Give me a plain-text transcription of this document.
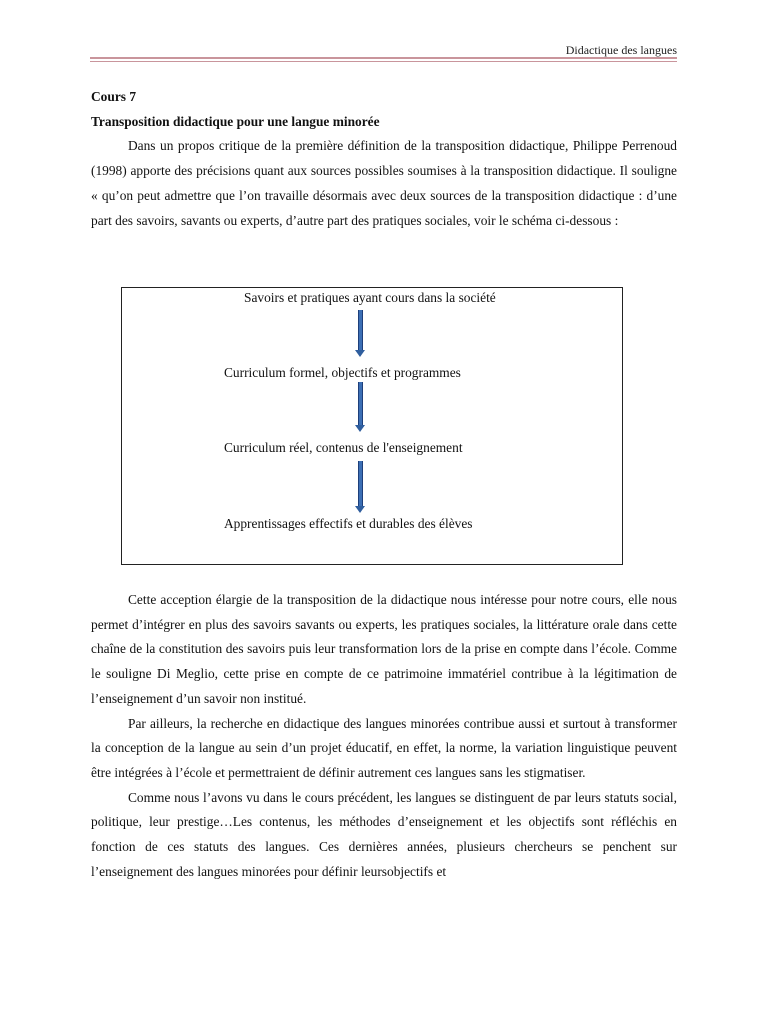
Didactique des langues

Cours 7

Transposition didactique pour une langue minorée

Dans un propos critique de la première définition de la transposition didactique, Philippe Perrenoud (1998) apporte des précisions quant aux sources possibles soumises à la transposition didactique. Il souligne « qu’on peut admettre que l’on travaille désormais avec deux sources de la transposition didactique : d’une part des savoirs, savants ou experts, d’autre part des pratiques sociales, voir le schéma ci-dessous :

Savoirs et pratiques ayant cours dans la société
Curriculum formel, objectifs et programmes
Curriculum réel, contenus de l'enseignement
Apprentissages effectifs et durables des élèves

Cette acception élargie de la transposition de la didactique nous intéresse pour notre cours, elle nous permet d’intégrer en plus des savoirs savants ou experts, les pratiques sociales, la littérature orale dans cette chaîne de la constitution des savoirs puis leur transformation lors de la prise en compte dans l’école. Comme le souligne Di Meglio, cette prise en compte de ce patrimoine immatériel contribue à la légitimation de l’enseignement d’un savoir non institué.

Par ailleurs, la recherche en didactique des langues minorées contribue aussi et surtout à transformer la conception de la langue au sein d’un projet éducatif, en effet, la norme, la variation linguistique peuvent être intégrées à l’école et permettraient de définir autrement ces langues sans les stigmatiser.

Comme nous l’avons vu dans le cours précédent, les langues se distinguent de par leurs statuts social, politique, leur prestige…Les contenus, les méthodes d’enseignement et les objectifs sont réfléchis en fonction de ces statuts des langues. Ces dernières années, plusieurs chercheurs se penchent sur l’enseignement des langues minorées pour définir leursobjectifs et
